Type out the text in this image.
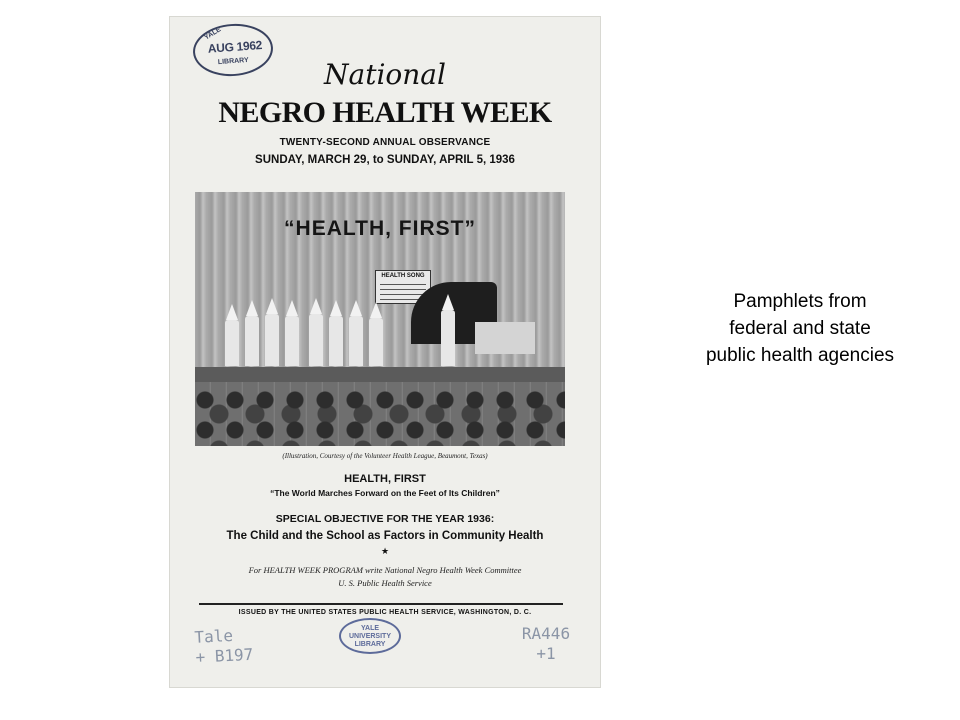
YALE
AUG 1962
LIBRARY	National
NEGRO HEALTH WEEK
TWENTY-SECOND ANNUAL OBSERVANCE
SUNDAY, MARCH 29, to SUNDAY, APRIL 5, 1936
“HEALTH, FIRST”
HEALTH SONG
(Illustration, Courtesy of the Volunteer Health League, Beaumont, Texas)
HEALTH, FIRST
“The World Marches Forward on the Feet of Its Children”
SPECIAL OBJECTIVE FOR THE YEAR 1936:
The Child and the School as Factors in Community Health
★
For HEALTH WEEK PROGRAM write National Negro Health Week Committee
U. S. Public Health Service
ISSUED BY THE UNITED STATES PUBLIC HEALTH SERVICE, WASHINGTON, D. C.
Tale
+ B197
YALE
UNIVERSITY
LIBRARY
RA446
+1
Pamphlets from
federal and state
public health agencies
